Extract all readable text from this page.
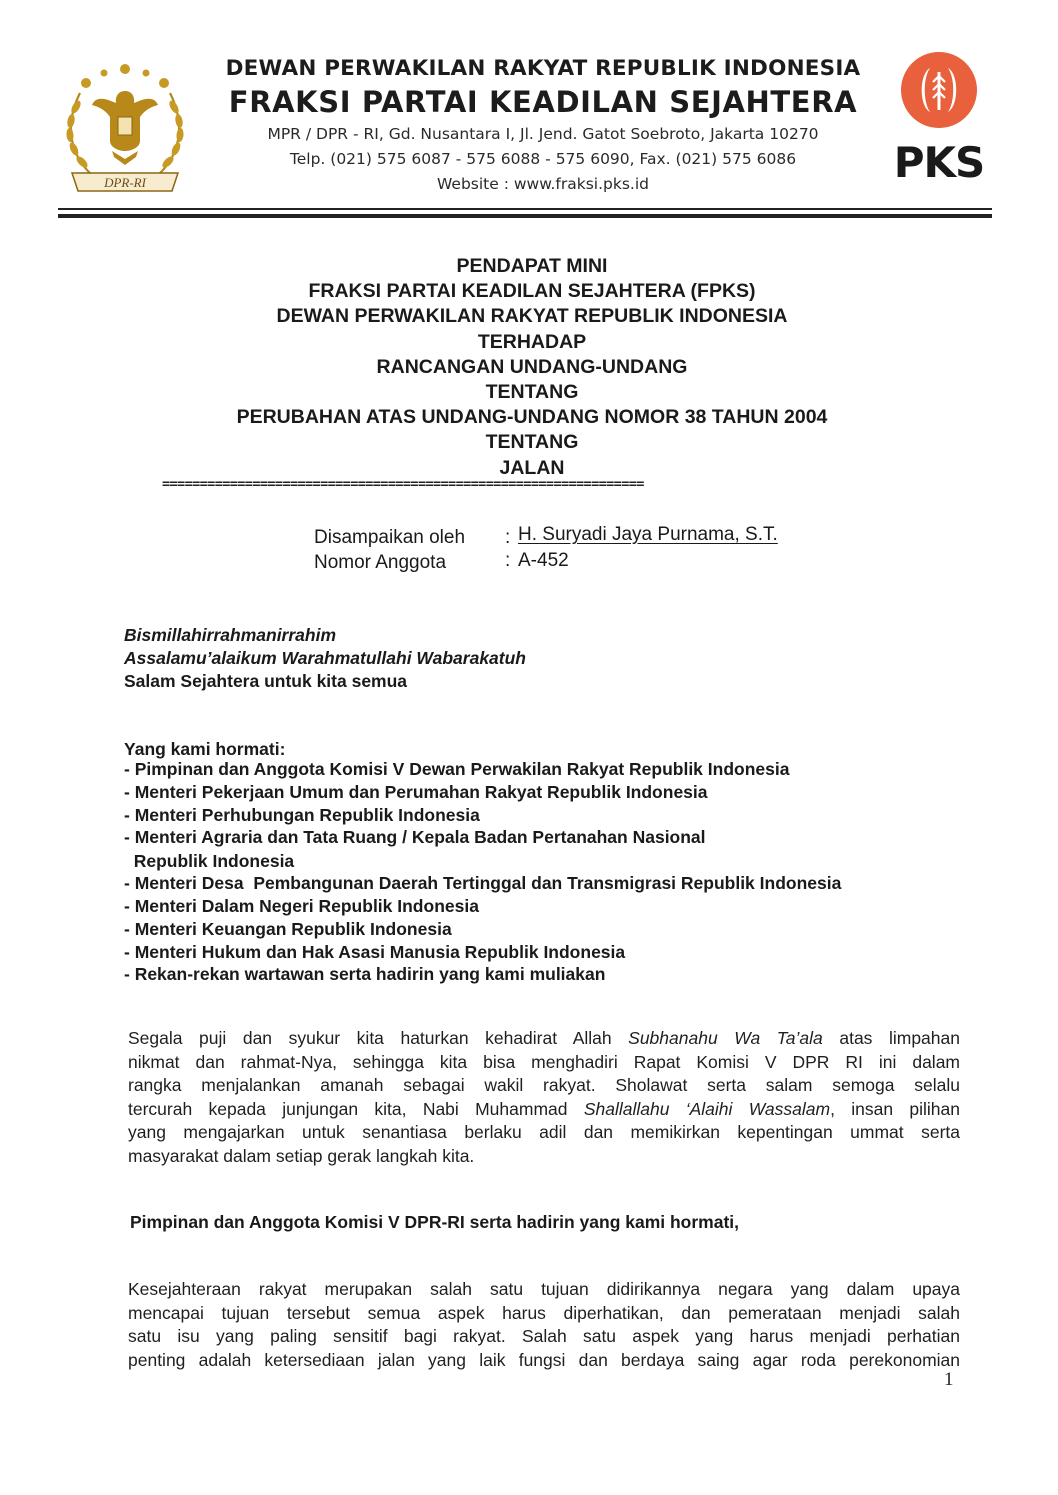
DPR-RI
DEWAN PERWAKILAN RAKYAT REPUBLIK INDONESIA
FRAKSI PARTAI KEADILAN SEJAHTERA
MPR / DPR - RI, Gd. Nusantara I, Jl. Jend. Gatot Soebroto, Jakarta 10270
Telp. (021) 575 6087 - 575 6088 - 575 6090, Fax. (021) 575 6086
Website : www.fraksi.pks.id	PKS
PENDAPAT MINI
FRAKSI PARTAI KEADILAN SEJAHTERA (FPKS)
DEWAN PERWAKILAN RAKYAT REPUBLIK INDONESIA
TERHADAP
RANCANGAN UNDANG-UNDANG
TENTANG
PERUBAHAN ATAS UNDANG-UNDANG NOMOR 38 TAHUN 2004
TENTANG
JALAN
================================================================
Disampaikan oleh : H. Suryadi Jaya Purnama, S.T.
Nomor Anggota	: A-452
Bismillahirrahmanirrahim
Assalamu’alaikum Warahmatullahi Wabarakatuh
Salam Sejahtera untuk kita semua
Yang kami hormati:
- Pimpinan dan Anggota Komisi V Dewan Perwakilan Rakyat Republik Indonesia
- Menteri Pekerjaan Umum dan Perumahan Rakyat Republik Indonesia
- Menteri Perhubungan Republik Indonesia
- Menteri Agraria dan Tata Ruang / Kepala Badan Pertanahan Nasional
Republik Indonesia
- Menteri Desa  Pembangunan Daerah Tertinggal dan Transmigrasi Republik Indonesia
- Menteri Dalam Negeri Republik Indonesia
- Menteri Keuangan Republik Indonesia
- Menteri Hukum dan Hak Asasi Manusia Republik Indonesia
- Rekan-rekan wartawan serta hadirin yang kami muliakan
Segala puji dan syukur kita haturkan kehadirat Allah Subhanahu Wa Ta’ala atas limpahan
nikmat dan rahmat-Nya, sehingga kita bisa menghadiri Rapat Komisi V DPR RI ini dalam
rangka menjalankan amanah sebagai wakil rakyat. Sholawat serta salam semoga selalu
tercurah kepada junjungan kita, Nabi Muhammad Shallallahu ‘Alaihi Wassalam, insan pilihan
yang mengajarkan untuk senantiasa berlaku adil dan memikirkan kepentingan ummat serta
masyarakat dalam setiap gerak langkah kita.
Pimpinan dan Anggota Komisi V DPR-RI serta hadirin yang kami hormati,
Kesejahteraan rakyat merupakan salah satu tujuan didirikannya negara yang dalam upaya
mencapai tujuan tersebut semua aspek harus diperhatikan, dan pemerataan menjadi salah
satu isu yang paling sensitif bagi rakyat. Salah satu aspek yang harus menjadi perhatian
penting adalah ketersediaan jalan yang laik fungsi dan berdaya saing agar roda perekonomian
1
